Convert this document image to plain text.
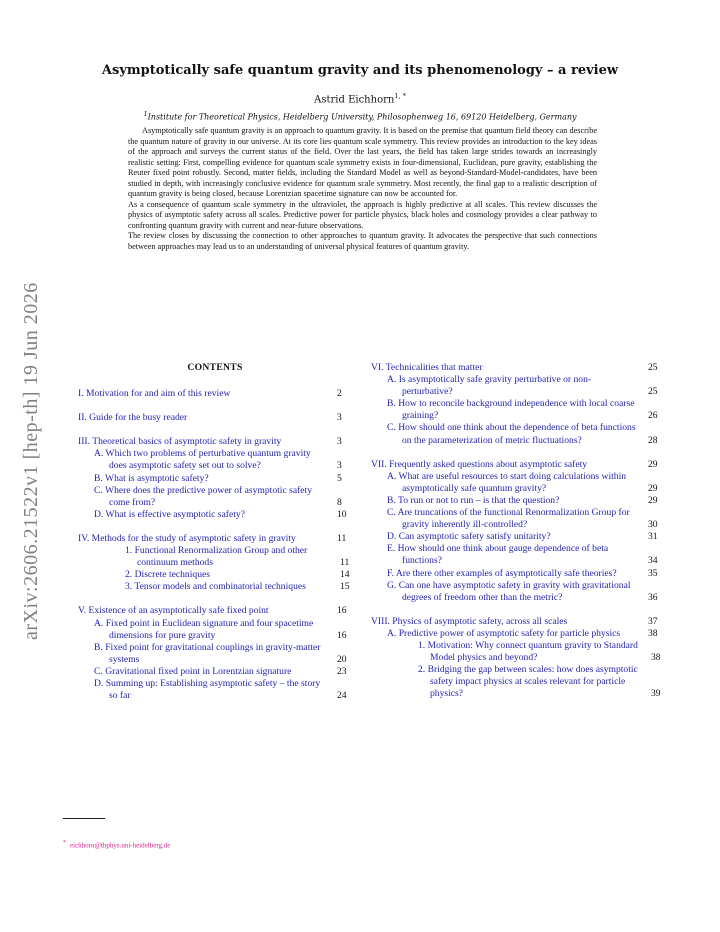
arXiv:2606.21522v1 [hep-th] 19 Jun 2026
Asymptotically safe quantum gravity and its phenomenology – a review
Astrid Eichhorn$^{1, *}$
$^1$Institute for Theoretical Physics, Heidelberg University, Philosophenweg 16, 69120 Heidelberg, Germany

Asymptotically safe quantum gravity is an approach to quantum gravity. It is based on the premise that quantum field theory can describe the quantum nature of gravity in our universe. At its core lies quantum scale symmetry. This review provides an introduction to the key ideas of the approach and surveys the current status of the field. Over the last years, the field has taken large strides towards an increasingly realistic setting: First, compelling evidence for quantum scale symmetry exists in four-dimensional, Euclidean, pure gravity, establishing the Reuter fixed point robustly. Second, matter fields, including the Standard Model as well as beyond-Standard-Model-candidates, have been studied in depth, with increasingly conclusive evidence for quantum scale symmetry. Most recently, the final gap to a realistic description of quantum gravity is being closed, because Lorentzian spacetime signature can now be accounted for.

As a consequence of quantum scale symmetry in the ultraviolet, the approach is highly predictive at all scales. This review discusses the physics of asymptotic safety across all scales. Predictive power for particle physics, black holes and cosmology provides a clear pathway to confronting quantum gravity with current and near-future observations.

The review closes by discussing the connection to other approaches to quantum gravity. It advocates the perspective that such connections between approaches may lead us to an understanding of universal physical features of quantum gravity.

CONTENTS
I. Motivation for and aim of this review	2
II. Guide for the busy reader	3
III. Theoretical basics of asymptotic safety in gravity	3
A. Which two problems of perturbative quantum gravity does asymptotic safety set out to solve?	3
B. What is asymptotic safety?	5
C. Where does the predictive power of asymptotic safety come from?	8
D. What is effective asymptotic safety?	10
IV. Methods for the study of asymptotic safety in gravity	11
1. Functional Renormalization Group and other continuum methods	11
2. Discrete techniques	14
3. Tensor models and combinatorial techniques	15
V. Existence of an asymptotically safe fixed point	16
A. Fixed point in Euclidean signature and four spacetime dimensions for pure gravity	16
B. Fixed point for gravitational couplings in gravity-matter systems	20
C. Gravitational fixed point in Lorentzian signature	23
D. Summing up: Establishing asymptotic safety – the story so far	24
VI. Technicalities that matter	25
A. Is asymptotically safe gravity perturbative or non-perturbative?	25
B. How to reconcile background independence with local coarse graining?	26
C. How should one think about the dependence of beta functions on the parameterization of metric fluctuations?	28
VII. Frequently asked questions about asymptotic safety	29
A. What are useful resources to start doing calculations within asymptotically safe quantum gravity?	29
B. To run or not to run – is that the question?	29
C. Are truncations of the functional Renormalization Group for gravity inherently ill-controlled?	30
D. Can asymptotic safety satisfy unitarity?	31
E. How should one think about gauge dependence of beta functions?	34
F. Are there other examples of asymptotically safe theories?	35
G. Can one have asymptotic safety in gravity with gravitational degrees of freedom other than the metric?	36
VIII. Physics of asymptotic safety, across all scales	37
A. Predictive power of asymptotic safety for particle physics	38
1. Motivation: Why connect quantum gravity to Standard Model physics and beyond?	38
2. Bridging the gap between scales: how does asymptotic safety impact physics at scales relevant for particle physics?	39
* eichhorn@thphys.uni-heidelberg.de
